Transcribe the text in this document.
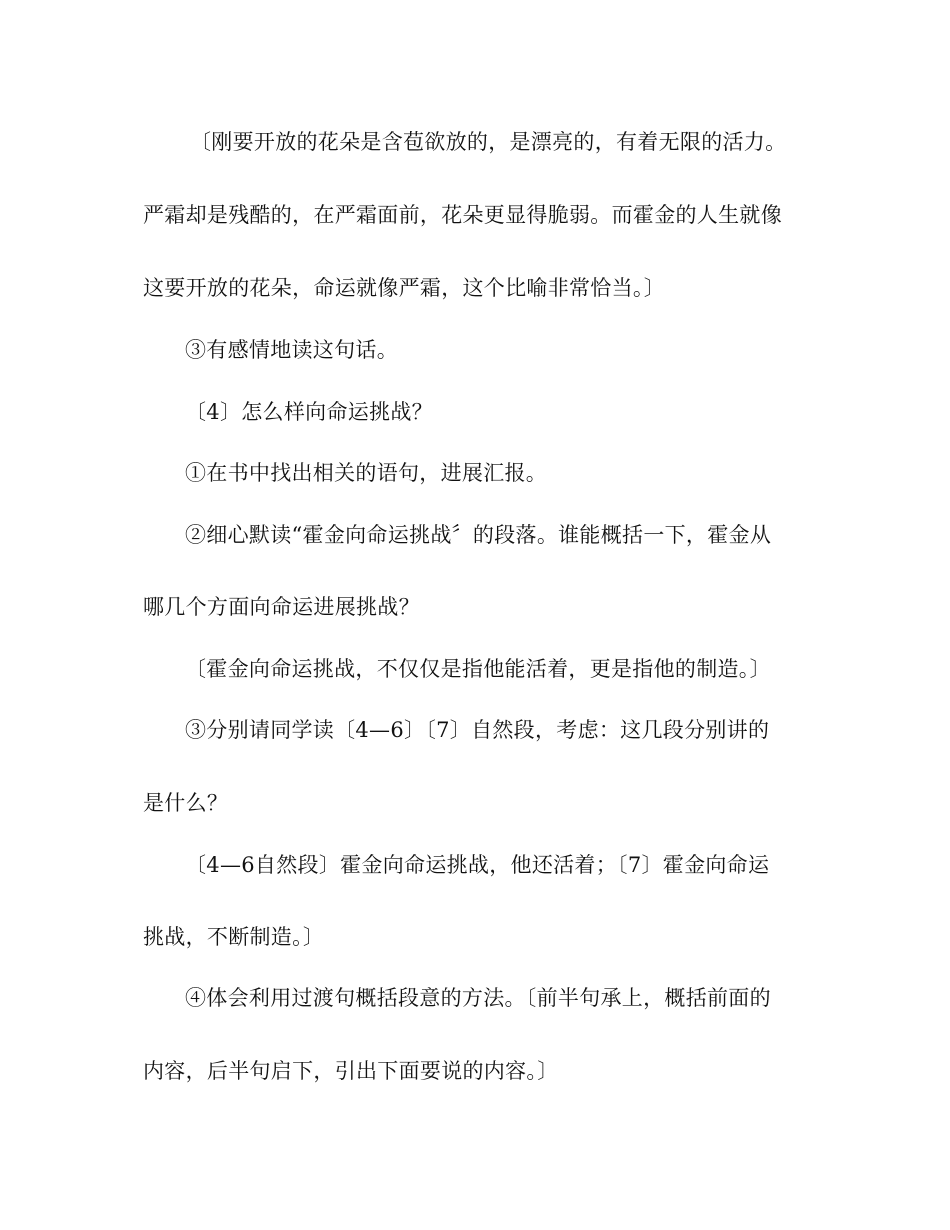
〔刚要开放的花朵是含苞欲放的，是漂亮的，有着无限的活力。

严霜却是残酷的，在严霜面前，花朵更显得脆弱。而霍金的人生就像

这要开放的花朵，命运就像严霜，这个比喻非常恰当。〕

③有感情地读这句话。

〔4〕怎么样向命运挑战？

①在书中找出相关的语句，进展汇报。

②细心默读“霍金向命运挑战〞的段落。谁能概括一下，霍金从

哪几个方面向命运进展挑战？

〔霍金向命运挑战，不仅仅是指他能活着，更是指他的制造。〕

③分别请同学读〔4—6〕〔7〕自然段，考虑：这几段分别讲的

是什么？

〔4—6自然段〕霍金向命运挑战，他还活着；〔7〕霍金向命运

挑战，不断制造。〕

④体会利用过渡句概括段意的方法。〔前半句承上，概括前面的

内容，后半句启下，引出下面要说的内容。〕
